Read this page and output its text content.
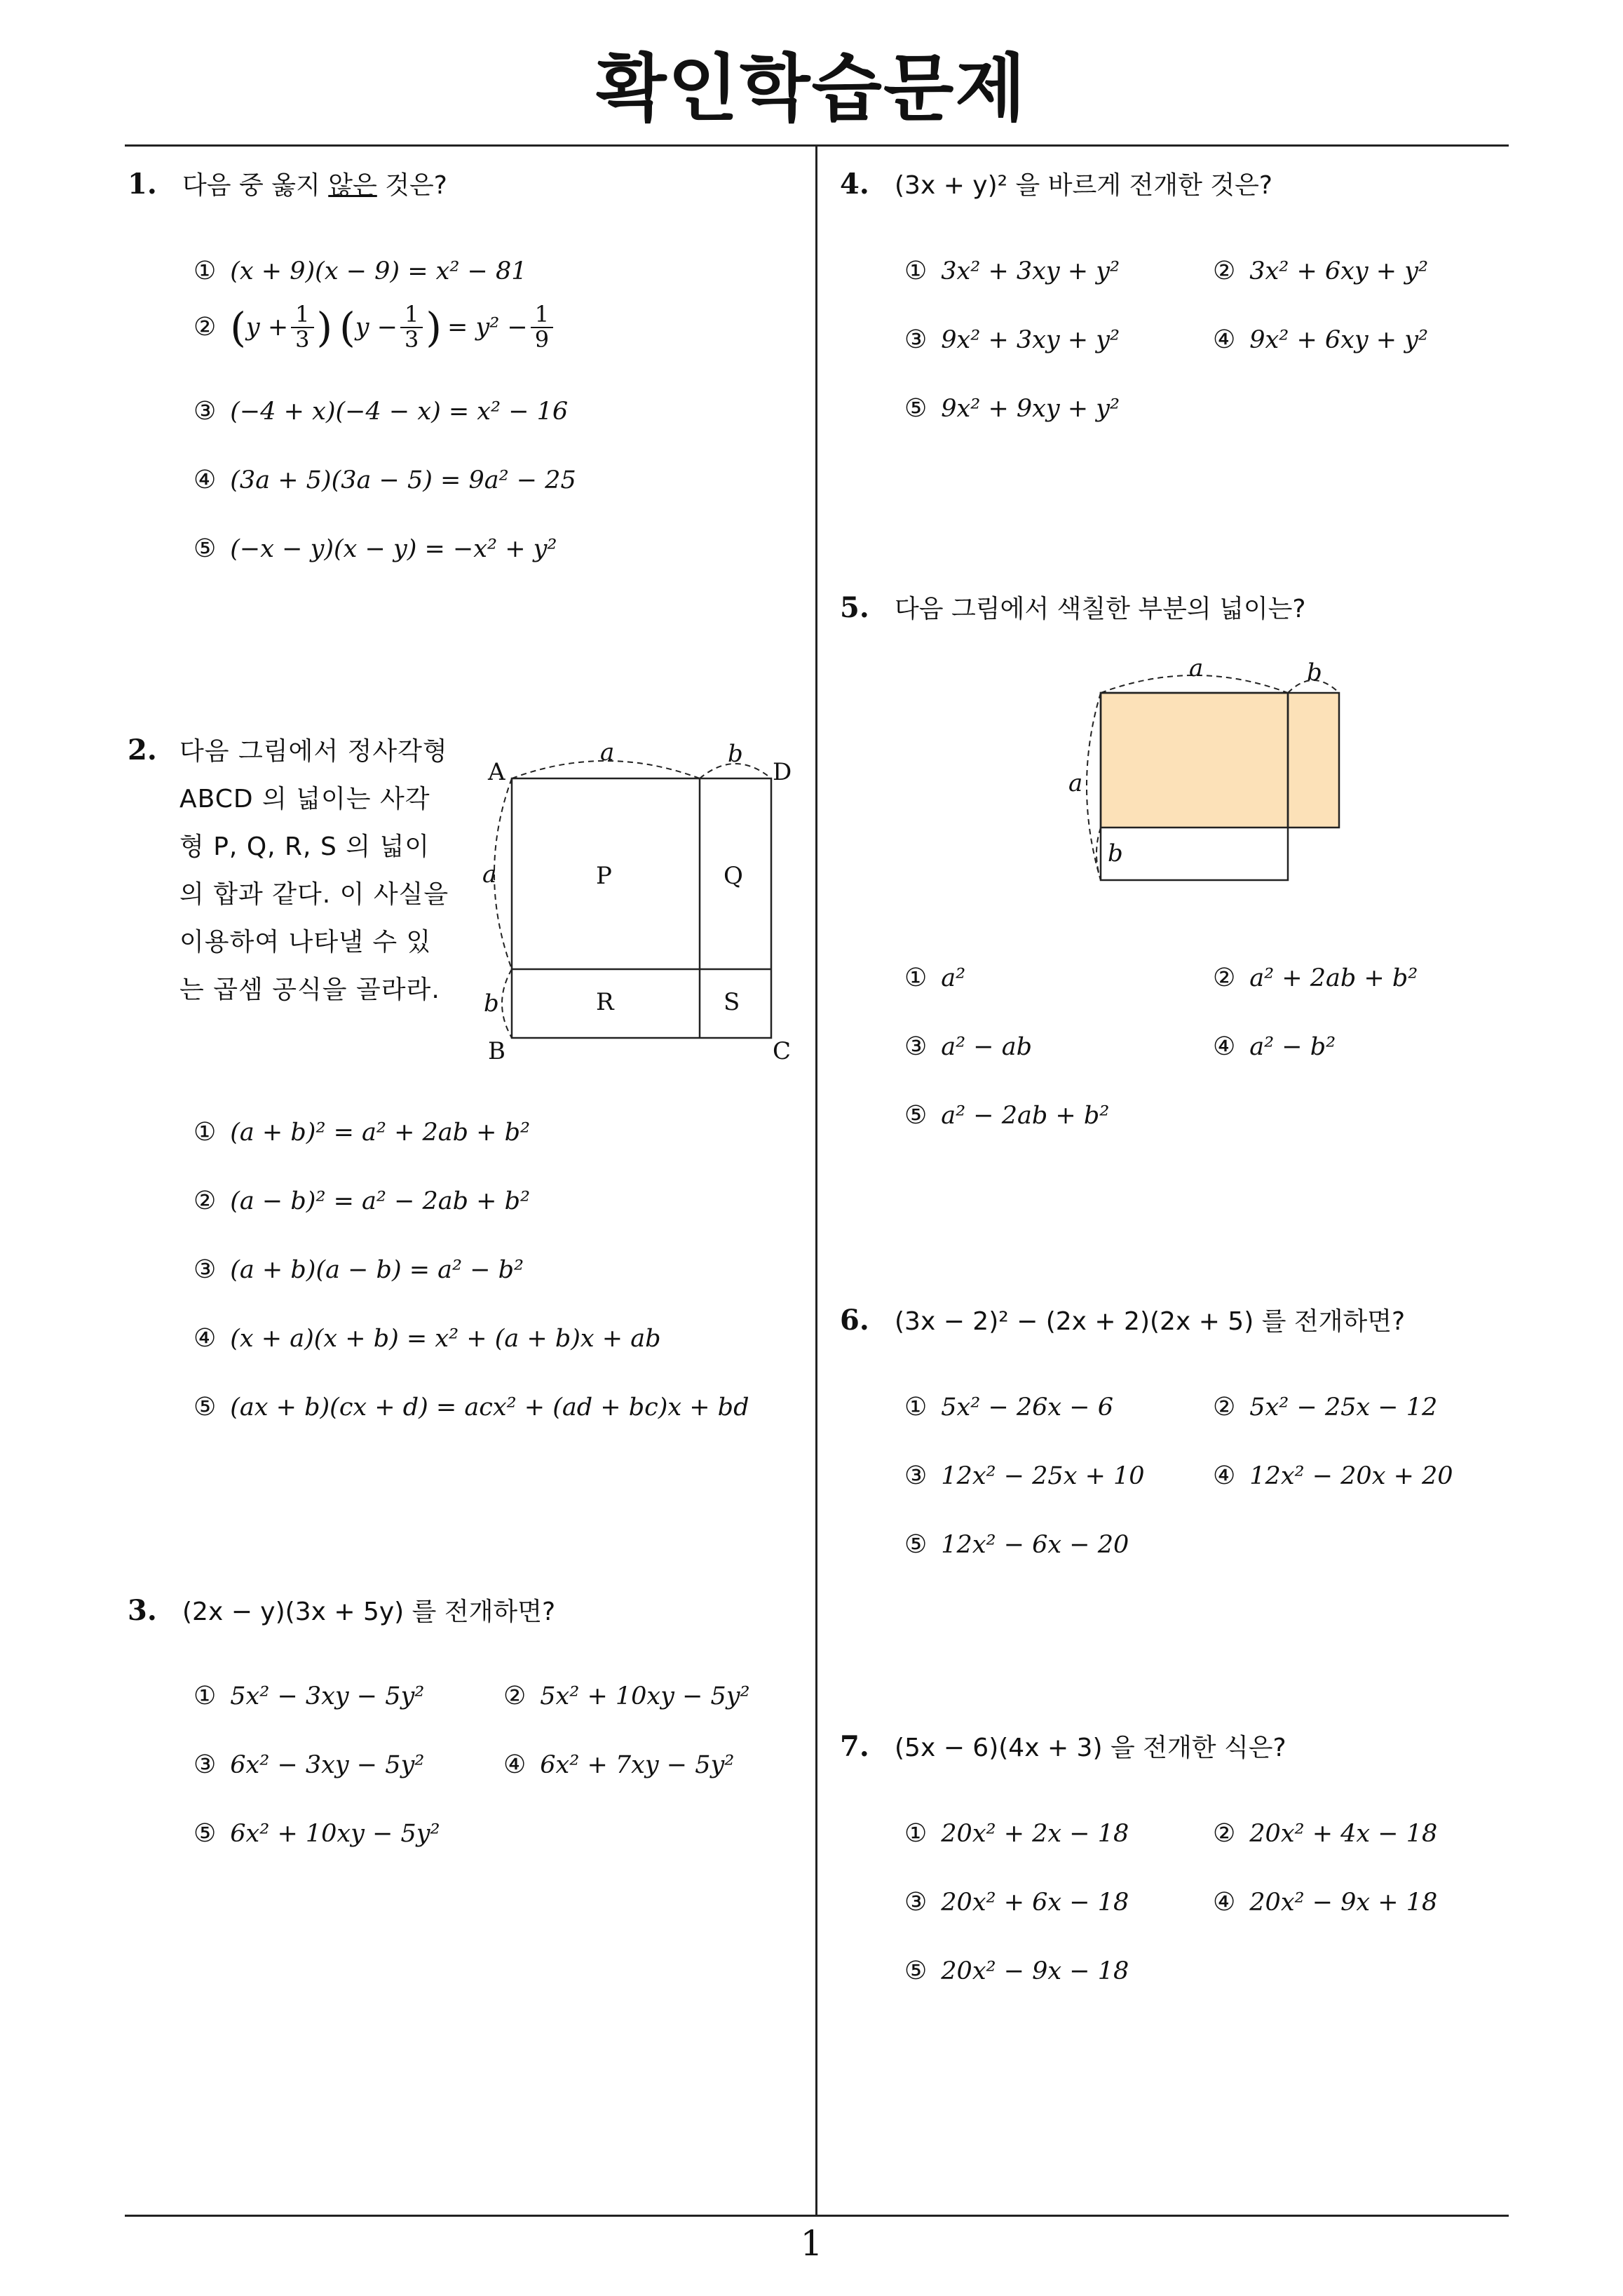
확인학습문제
1
1.	다음 중 옳지 않은 것은?
① (x + 9)(x − 9) = x² − 81
② ( $y + \frac{1}{3}$ ) ( $y - \frac{1}{3}$ ) = $y^2 - \frac{1}{9}$
③ (−4 + x)(−4 − x) = x² − 16
④ (3a + 5)(3a − 5) = 9a² − 25
⑤ (−x − y)(x − y) = −x² + y²
2. 다음 그림에서 정사각형 ABCD 의 넓이는 사각형 P, Q, R, S 의 넓이의 합과 같다. 이 사실을 이용하여 나타낼 수 있는 곱셈 공식을 골라라.
A
B	C
D
P	Q
R	S
a	b
a
b
① (a + b)² = a² + 2ab + b²
② (a − b)² = a² − 2ab + b²
③ (a + b)(a − b) = a² − b²
④ (x + a)(x + b) = x² + (a + b)x + ab
⑤ (ax + b)(cx + d) = acx² + (ad + bc)x + bd
3.	(2x − y)(3x + 5y) 를 전개하면?
① 5x² − 3xy − 5y²	② 5x² + 10xy − 5y²
③ 6x² − 3xy − 5y²	④ 6x² + 7xy − 5y²
⑤ 6x² + 10xy − 5y²
4.	(3x + y)² 을 바르게 전개한 것은?
① 3x² + 3xy + y²	② 3x² + 6xy + y²
③ 9x² + 3xy + y²	④ 9x² + 6xy + y²
⑤ 9x² + 9xy + y²
5.	다음 그림에서 색칠한 부분의 넓이는?
a	b
a
b
① a²	② a² + 2ab + b²
③ a² − ab	④ a² − b²
⑤ a² − 2ab + b²
6.	(3x − 2)² − (2x + 2)(2x + 5) 를 전개하면?
① 5x² − 26x − 6	② 5x² − 25x − 12
③ 12x² − 25x + 10	④ 12x² − 20x + 20
⑤ 12x² − 6x − 20
7.	(5x − 6)(4x + 3) 을 전개한 식은?
① 20x² + 2x − 18	② 20x² + 4x − 18
③ 20x² + 6x − 18	④ 20x² − 9x + 18
⑤ 20x² − 9x − 18
